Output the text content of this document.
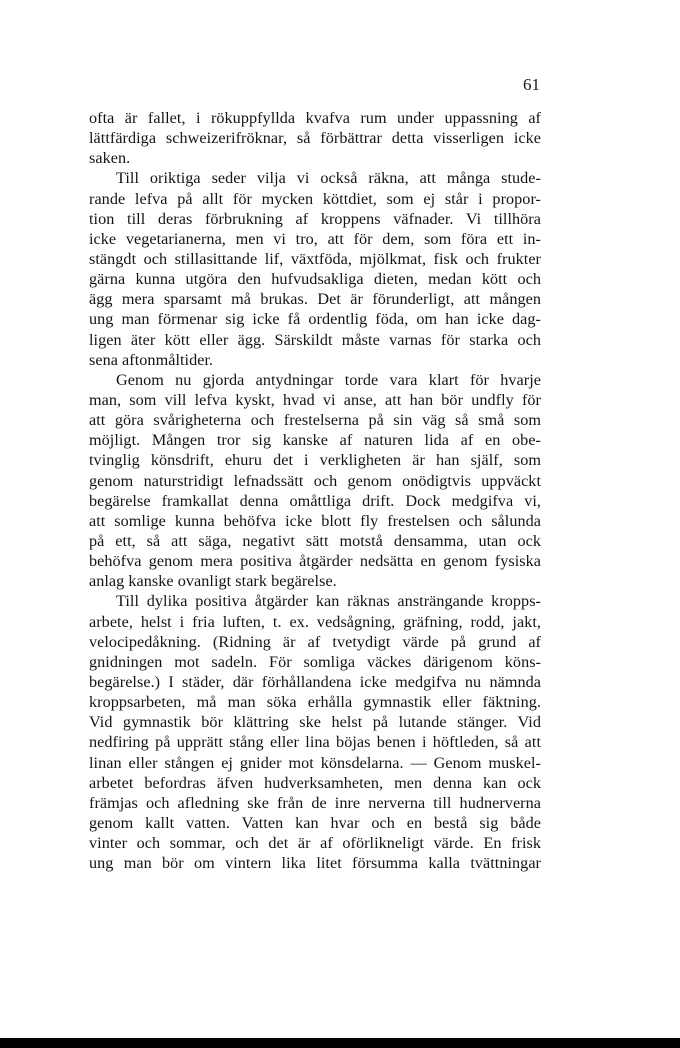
61
ofta är fallet, i rökuppfyllda kvafva rum under uppassning af
lättfärdiga schweizerifröknar, så förbättrar detta visserligen icke
saken.
Till oriktiga seder vilja vi också räkna, att många stude-
rande lefva på allt för mycken köttdiet, som ej står i propor-
tion till deras förbrukning af kroppens väfnader. Vi tillhöra
icke vegetarianerna, men vi tro, att för dem, som föra ett in-
stängdt och stillasittande lif, växtföda, mjölkmat, fisk och frukter
gärna kunna utgöra den hufvudsakliga dieten, medan kött och
ägg mera sparsamt må brukas. Det är förunderligt, att mången
ung man förmenar sig icke få ordentlig föda, om han icke dag-
ligen äter kött eller ägg. Särskildt måste varnas för starka och
sena aftonmåltider.
Genom nu gjorda antydningar torde vara klart för hvarje
man, som vill lefva kyskt, hvad vi anse, att han bör undfly för
att göra svårigheterna och frestelserna på sin väg så små som
möjligt. Mången tror sig kanske af naturen lida af en obe-
tvinglig könsdrift, ehuru det i verkligheten är han själf, som
genom naturstridigt lefnadssätt och genom onödigtvis uppväckt
begärelse framkallat denna omåttliga drift. Dock medgifva vi,
att somlige kunna behöfva icke blott fly frestelsen och sålunda
på ett, så att säga, negativt sätt motstå densamma, utan ock
behöfva genom mera positiva åtgärder nedsätta en genom fysiska
anlag kanske ovanligt stark begärelse.
Till dylika positiva åtgärder kan räknas ansträngande kropps-
arbete, helst i fria luften, t. ex. vedsågning, gräfning, rodd, jakt,
velocipedåkning. (Ridning är af tvetydigt värde på grund af
gnidningen mot sadeln. För somliga väckes därigenom köns-
begärelse.) I städer, där förhållandena icke medgifva nu nämnda
kroppsarbeten, må man söka erhålla gymnastik eller fäktning.
Vid gymnastik bör klättring ske helst på lutande stänger. Vid
nedfiring på upprätt stång eller lina böjas benen i höftleden, så att
linan eller stången ej gnider mot könsdelarna. — Genom muskel-
arbetet befordras äfven hudverksamheten, men denna kan ock
främjas och afledning ske från de inre nerverna till hudnerverna
genom kallt vatten. Vatten kan hvar och en bestå sig både
vinter och sommar, och det är af oförlikneligt värde. En frisk
ung man bör om vintern lika litet försumma kalla tvättningar
